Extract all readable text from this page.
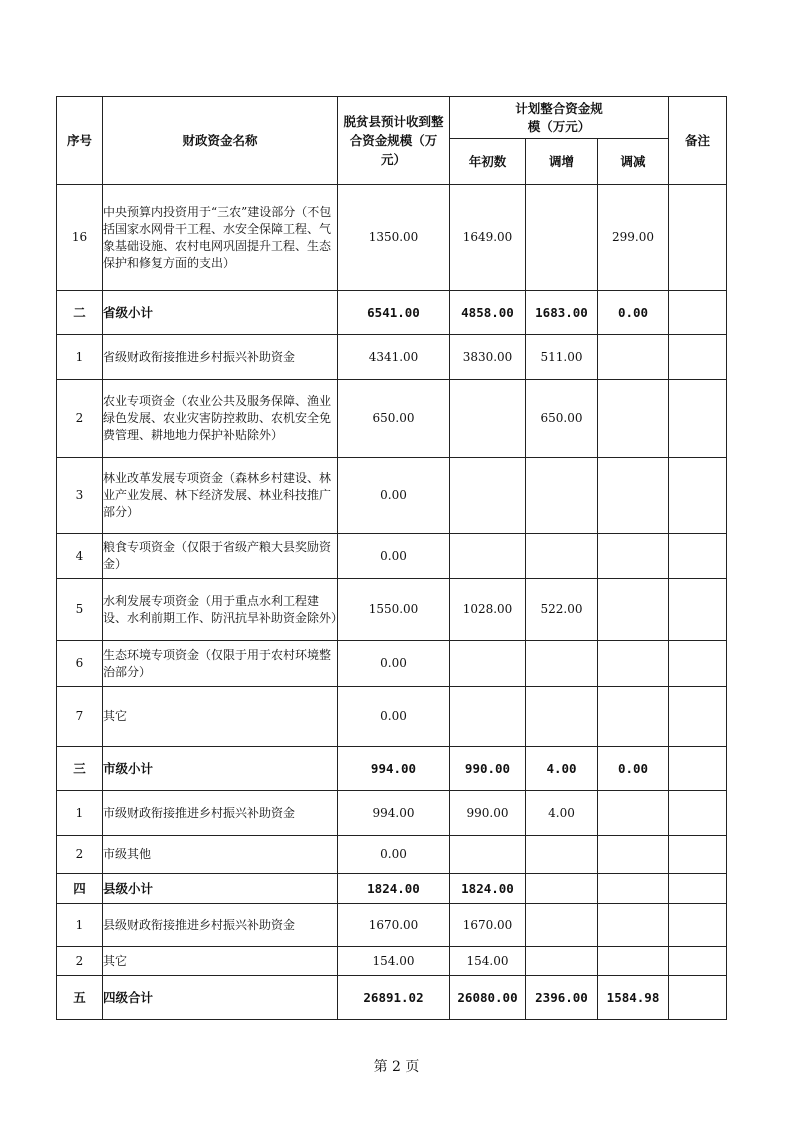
序号	财政资金名称	脱贫县预计收到整合资金规模（万元）	计划整合资金规模（万元）			备注
			年初数	调增	调减	
16	中央预算内投资用于“三农”建设部分（不包括国家水网骨干工程、水安全保障工程、气象基础设施、农村电网巩固提升工程、生态保护和修复方面的支出）	1350.00	1649.00		299.00	
二	省级小计	6541.00	4858.00	1683.00	0.00	
1	省级财政衔接推进乡村振兴补助资金	4341.00	3830.00	511.00		
2	农业专项资金（农业公共及服务保障、渔业绿色发展、农业灾害防控救助、农机安全免费管理、耕地地力保护补贴除外）	650.00		650.00		
3	林业改革发展专项资金（森林乡村建设、林业产业发展、林下经济发展、林业科技推广部分）	0.00				
4	粮食专项资金（仅限于省级产粮大县奖励资金）	0.00				
5	水利发展专项资金（用于重点水利工程建设、水利前期工作、防汛抗旱补助资金除外）	1550.00	1028.00	522.00		
6	生态环境专项资金（仅限于用于农村环境整治部分）	0.00				
7	其它	0.00				
三	市级小计	994.00	990.00	4.00	0.00	
1	市级财政衔接推进乡村振兴补助资金	994.00	990.00	4.00		
2	市级其他	0.00				
四	县级小计	1824.00	1824.00			
1	县级财政衔接推进乡村振兴补助资金	1670.00	1670.00			
2	其它	154.00	154.00			
五	四级合计	26891.02	26080.00	2396.00	1584.98	
第 2 页
